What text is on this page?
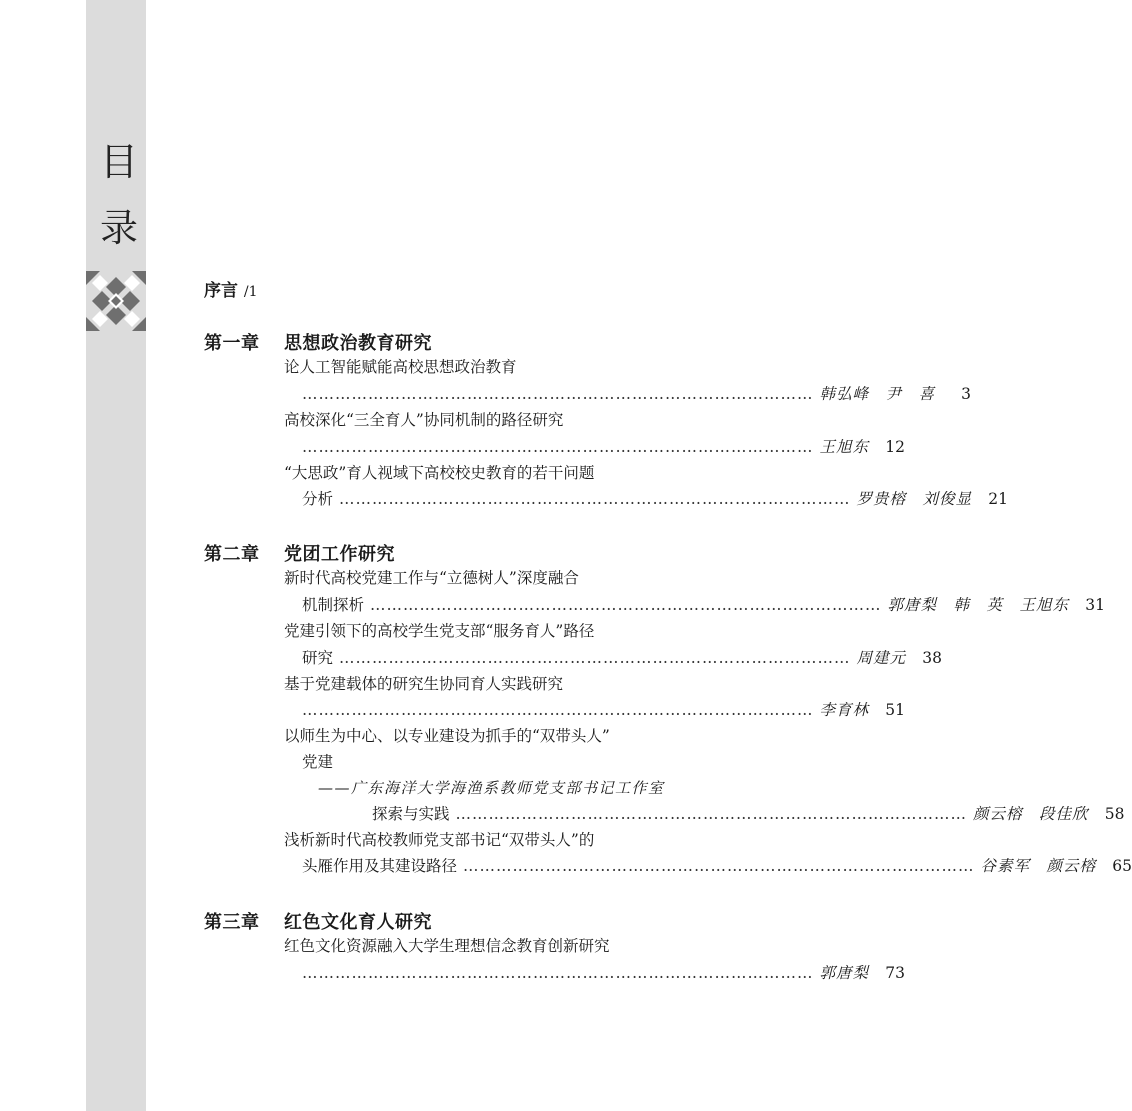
目
录
序言 /1
第一章 思想政治教育研究
论人工智能赋能高校思想政治教育
………………………………………………………………………………… 韩弘峰　尹　喜	3
高校深化“三全育人”协同机制的路径研究
………………………………………………………………………………… 王旭东 12
“大思政”育人视域下高校校史教育的若干问题
分析 ………………………………………………………………………………… 罗贵榕　刘俊显 21
第二章 党团工作研究
新时代高校党建工作与“立德树人”深度融合
机制探析 ………………………………………………………………………………… 郭唐梨　韩　英　王旭东 31
党建引领下的高校学生党支部“服务育人”路径
研究 ………………………………………………………………………………… 周建元 38
基于党建载体的研究生协同育人实践研究
………………………………………………………………………………… 李育林 51
以师生为中心、以专业建设为抓手的“双带头人”
党建
——广东海洋大学海渔系教师党支部书记工作室
探索与实践 ………………………………………………………………………………… 颜云榕　段佳欣 58
浅析新时代高校教师党支部书记“双带头人”的
头雁作用及其建设路径 ………………………………………………………………………………… 谷素军　颜云榕 65
第三章 红色文化育人研究
红色文化资源融入大学生理想信念教育创新研究
………………………………………………………………………………… 郭唐梨 73
